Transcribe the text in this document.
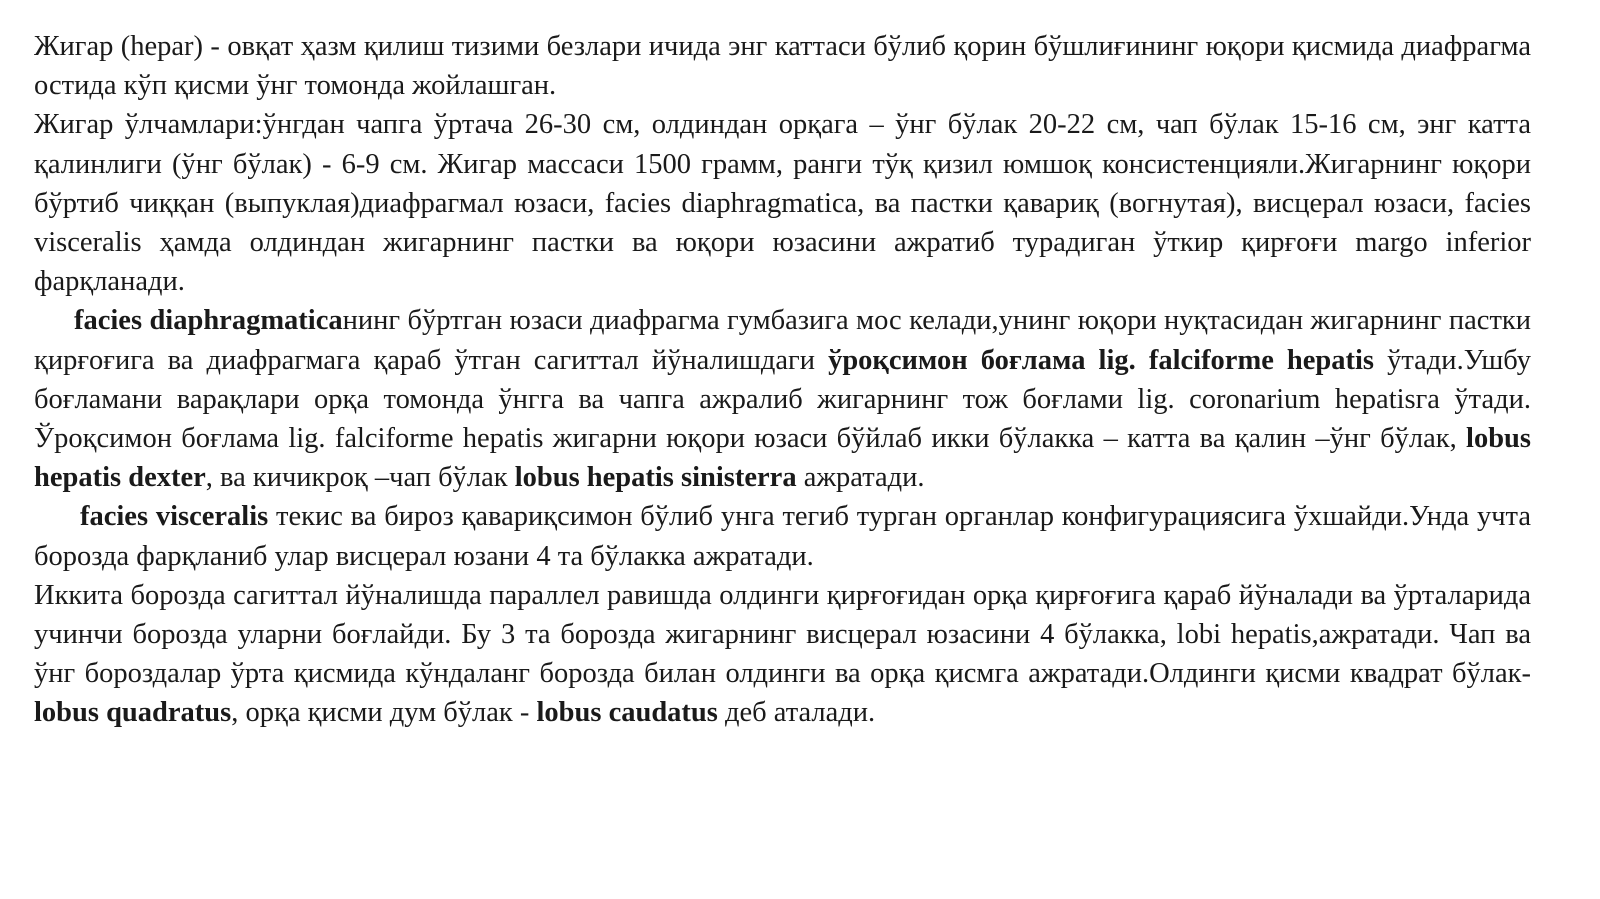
Жигар (hepar) - овқат ҳазм қилиш тизими безлари ичида энг каттаси бўлиб қорин бўшлиғининг юқори қисмида диафрагма остида кўп қисми ўнг томонда жойлашган.

Жигар ўлчамлари:ўнгдан чапга ўртача 26-30 см, олдиндан орқага – ўнг бўлак 20-22 см, чап бўлак 15-16 см, энг катта қалинлиги (ўнг бўлак) - 6-9 см. Жигар массаси 1500 грамм, ранги тўқ қизил юмшоқ консистенцияли.Жигарнинг юқори бўртиб чиққан (выпуклая)диафрагмал юзаси, facies diaphragmatica, ва пастки қавариқ (вогнутая), висцерал юзаси, facies visceralis ҳамда олдиндан жигарнинг пастки ва юқори юзасини ажратиб турадиган ўткир қирғоғи margo inferior фарқланади.

facies diaphragmaticaнинг бўртган юзаси диафрагма гумбазига мос келади,унинг юқори нуқтасидан жигарнинг пастки қирғоғига ва диафрагмага қараб ўтган сагиттал йўналишдаги ўроқсимон боғлама lig. falciforme hepatis ўтади.Ушбу боғламани варақлари орқа томонда ўнгга ва чапга ажралиб жигарнинг тож боғлами lig. coronarium hepatisга ўтади. Ўроқсимон боғлама lig. falciforme hepatis жигарни юқори юзаси бўйлаб икки бўлакка – катта ва қалин –ўнг бўлак, lobus hepatis dexter, ва кичикроқ –чап бўлак lobus hepatis sinisterra ажратади.

facies visceralis текис ва бироз қавариқсимон бўлиб унга тегиб турган органлар конфигурациясига ўхшайди.Унда учта борозда фарқланиб улар висцерал юзани 4 та бўлакка ажратади.

Иккита борозда сагиттал йўналишда параллел равишда олдинги қирғоғидан орқа қирғоғига қараб йўналади ва ўрталарида учинчи борозда уларни боғлайди. Бу 3 та борозда жигарнинг висцерал юзасини 4 бўлакка, lobi hepatis,ажратади. Чап ва ўнг бороздалар ўрта қисмида кўндаланг борозда билан олдинги ва орқа қисмга ажратади.Олдинги қисми квадрат бўлак- lobus quadratus, орқа қисми дум бўлак - lobus caudatus деб аталади.
